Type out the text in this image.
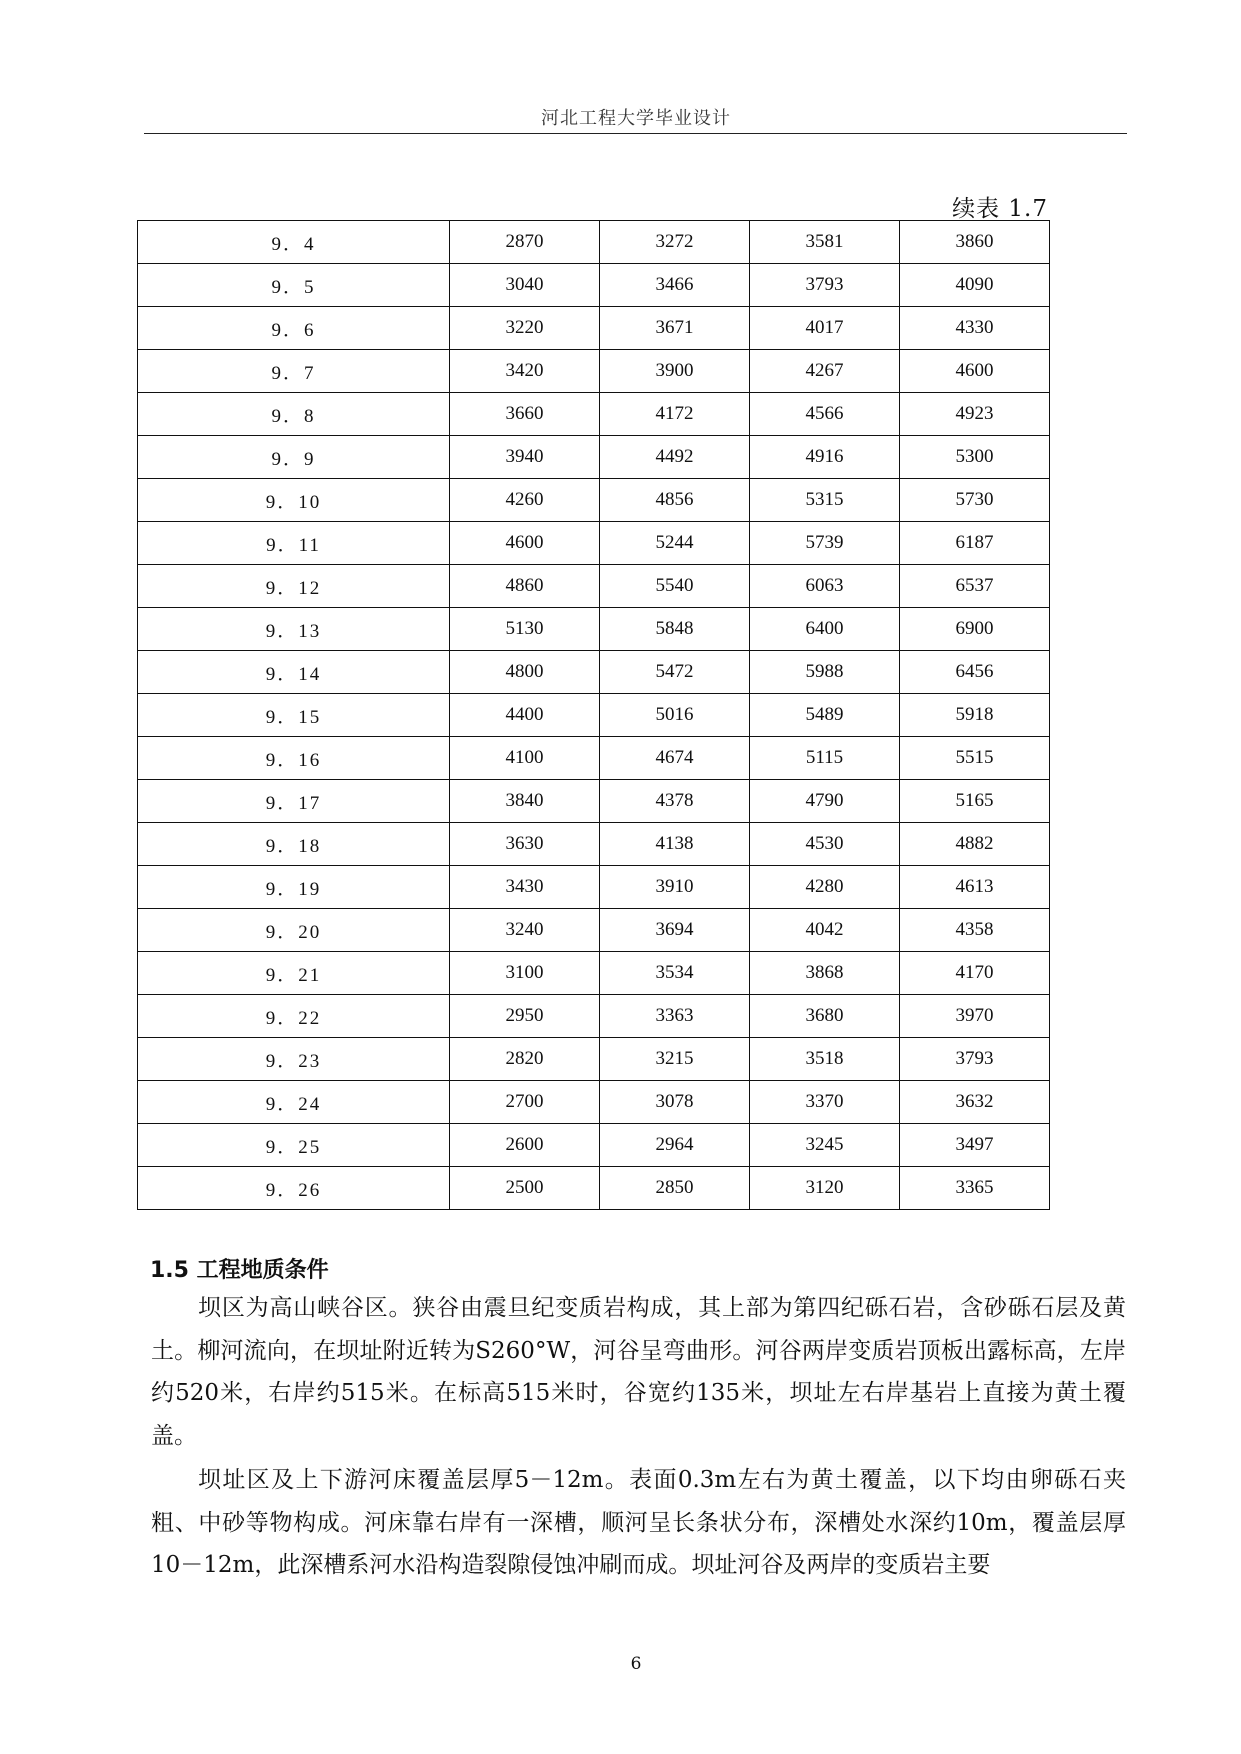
河北工程大学毕业设计
续表 1.7
9．4	2870	3272	3581	3860
9．5	3040	3466	3793	4090
9．6	3220	3671	4017	4330
9．7	3420	3900	4267	4600
9．8	3660	4172	4566	4923
9．9	3940	4492	4916	5300
9．10	4260	4856	5315	5730
9．11	4600	5244	5739	6187
9．12	4860	5540	6063	6537
9．13	5130	5848	6400	6900
9．14	4800	5472	5988	6456
9．15	4400	5016	5489	5918
9．16	4100	4674	5115	5515
9．17	3840	4378	4790	5165
9．18	3630	4138	4530	4882
9．19	3430	3910	4280	4613
9．20	3240	3694	4042	4358
9．21	3100	3534	3868	4170
9．22	2950	3363	3680	3970
9．23	2820	3215	3518	3793
9．24	2700	3078	3370	3632
9．25	2600	2964	3245	3497
9．26	2500	2850	3120	3365
1.5 工程地质条件
坝区为高山峡谷区。狭谷由震旦纪变质岩构成，其上部为第四纪砾石岩，含砂砾石层及黄土。柳河流向，在坝址附近转为S260°W，河谷呈弯曲形。河谷两岸变质岩顶板出露标高，左岸约520米，右岸约515米。在标高515米时，谷宽约135米，坝址左右岸基岩上直接为黄土覆盖。
坝址区及上下游河床覆盖层厚5－12m。表面0.3m左右为黄土覆盖，以下均由卵砾石夹粗、中砂等物构成。河床靠右岸有一深槽，顺河呈长条状分布，深槽处水深约10m，覆盖层厚10－12m，此深槽系河水沿构造裂隙侵蚀冲刷而成。坝址河谷及两岸的变质岩主要
6
